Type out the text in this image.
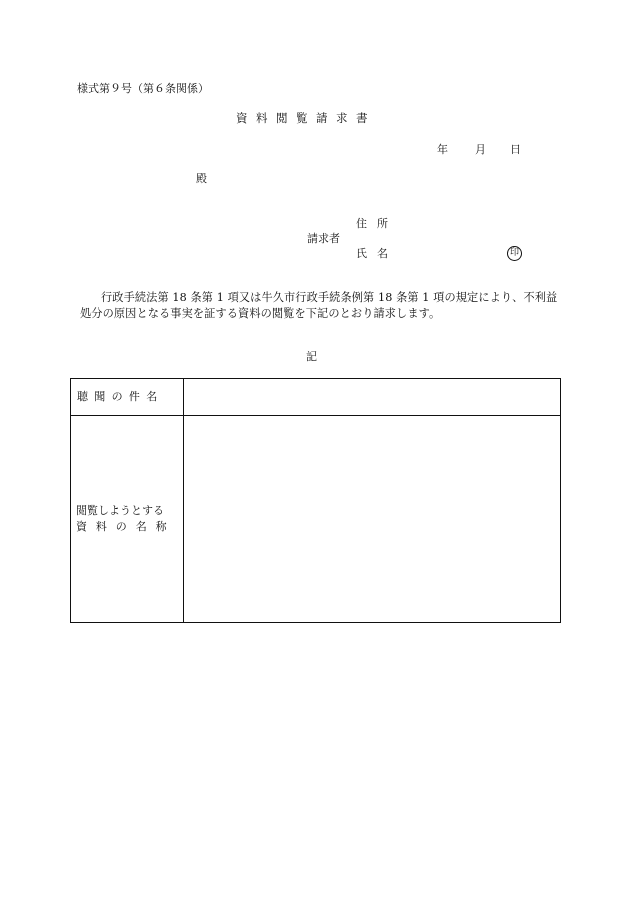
様式第９号（第６条関係）
資料閲覧請求書
年 月 日
殿
住所
請求者
氏名	印
行政手続法第 18 条第 1 項又は牛久市行政手続条例第 18 条第 1 項の規定により、不利益処分の原因となる事実を証する資料の閲覧を下記のとおり請求します。
記
聴聞の件名
閲覧しようとする
資料の名称
